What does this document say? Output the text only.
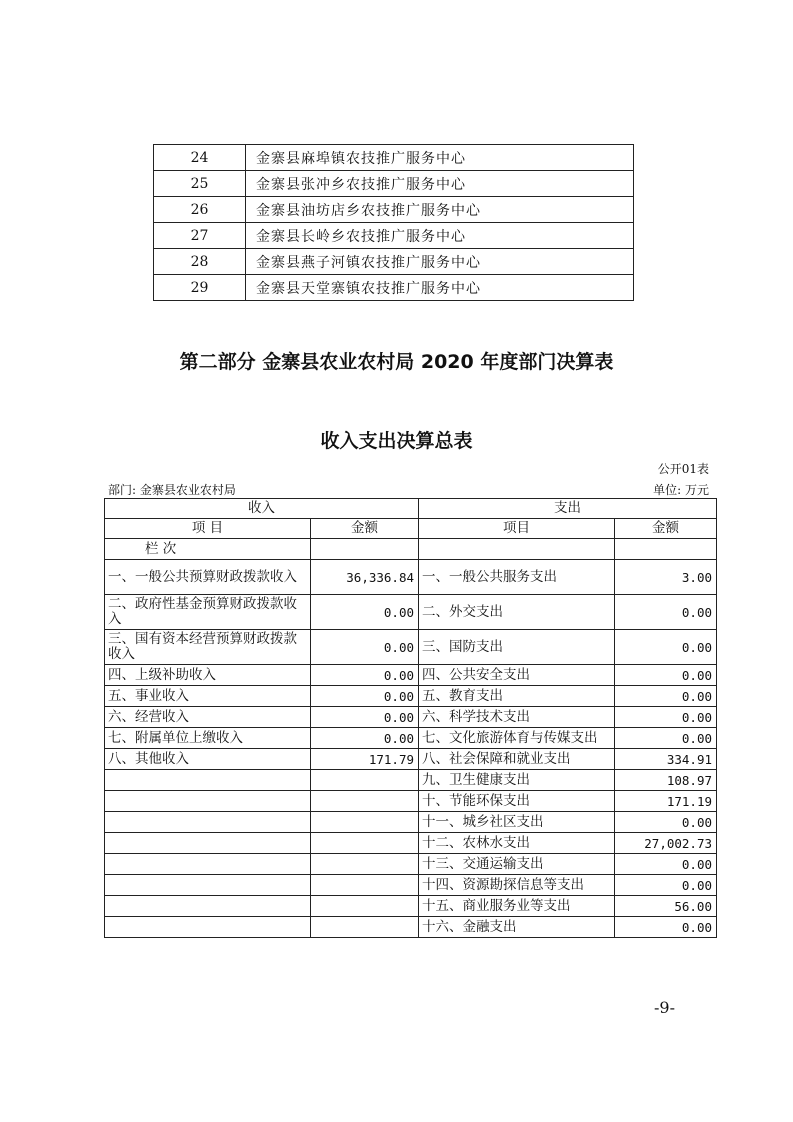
24	金寨县麻埠镇农技推广服务中心
25	金寨县张冲乡农技推广服务中心
26	金寨县油坊店乡农技推广服务中心
27	金寨县长岭乡农技推广服务中心
28	金寨县燕子河镇农技推广服务中心
29	金寨县天堂寨镇农技推广服务中心
第二部分 金寨县农业农村局 2020 年度部门决算表
收入支出决算总表
公开01表
部门: 金寨县农业农村局	单位: 万元
收入		支出	
项 目	金额	项目	金额
栏 次			
一、一般公共预算财政拨款收入	36,336.84	一、一般公共服务支出	3.00
二、政府性基金预算财政拨款收入	0.00	二、外交支出	0.00
三、国有资本经营预算财政拨款收入	0.00	三、国防支出	0.00
四、上级补助收入	0.00	四、公共安全支出	0.00
五、事业收入	0.00	五、教育支出	0.00
六、经营收入	0.00	六、科学技术支出	0.00
七、附属单位上缴收入	0.00	七、文化旅游体育与传媒支出	0.00
八、其他收入	171.79	八、社会保障和就业支出	334.91
		九、卫生健康支出	108.97
		十、节能环保支出	171.19
		十一、城乡社区支出	0.00
		十二、农林水支出	27,002.73
		十三、交通运输支出	0.00
		十四、资源勘探信息等支出	0.00
		十五、商业服务业等支出	56.00
		十六、金融支出	0.00
-9-
